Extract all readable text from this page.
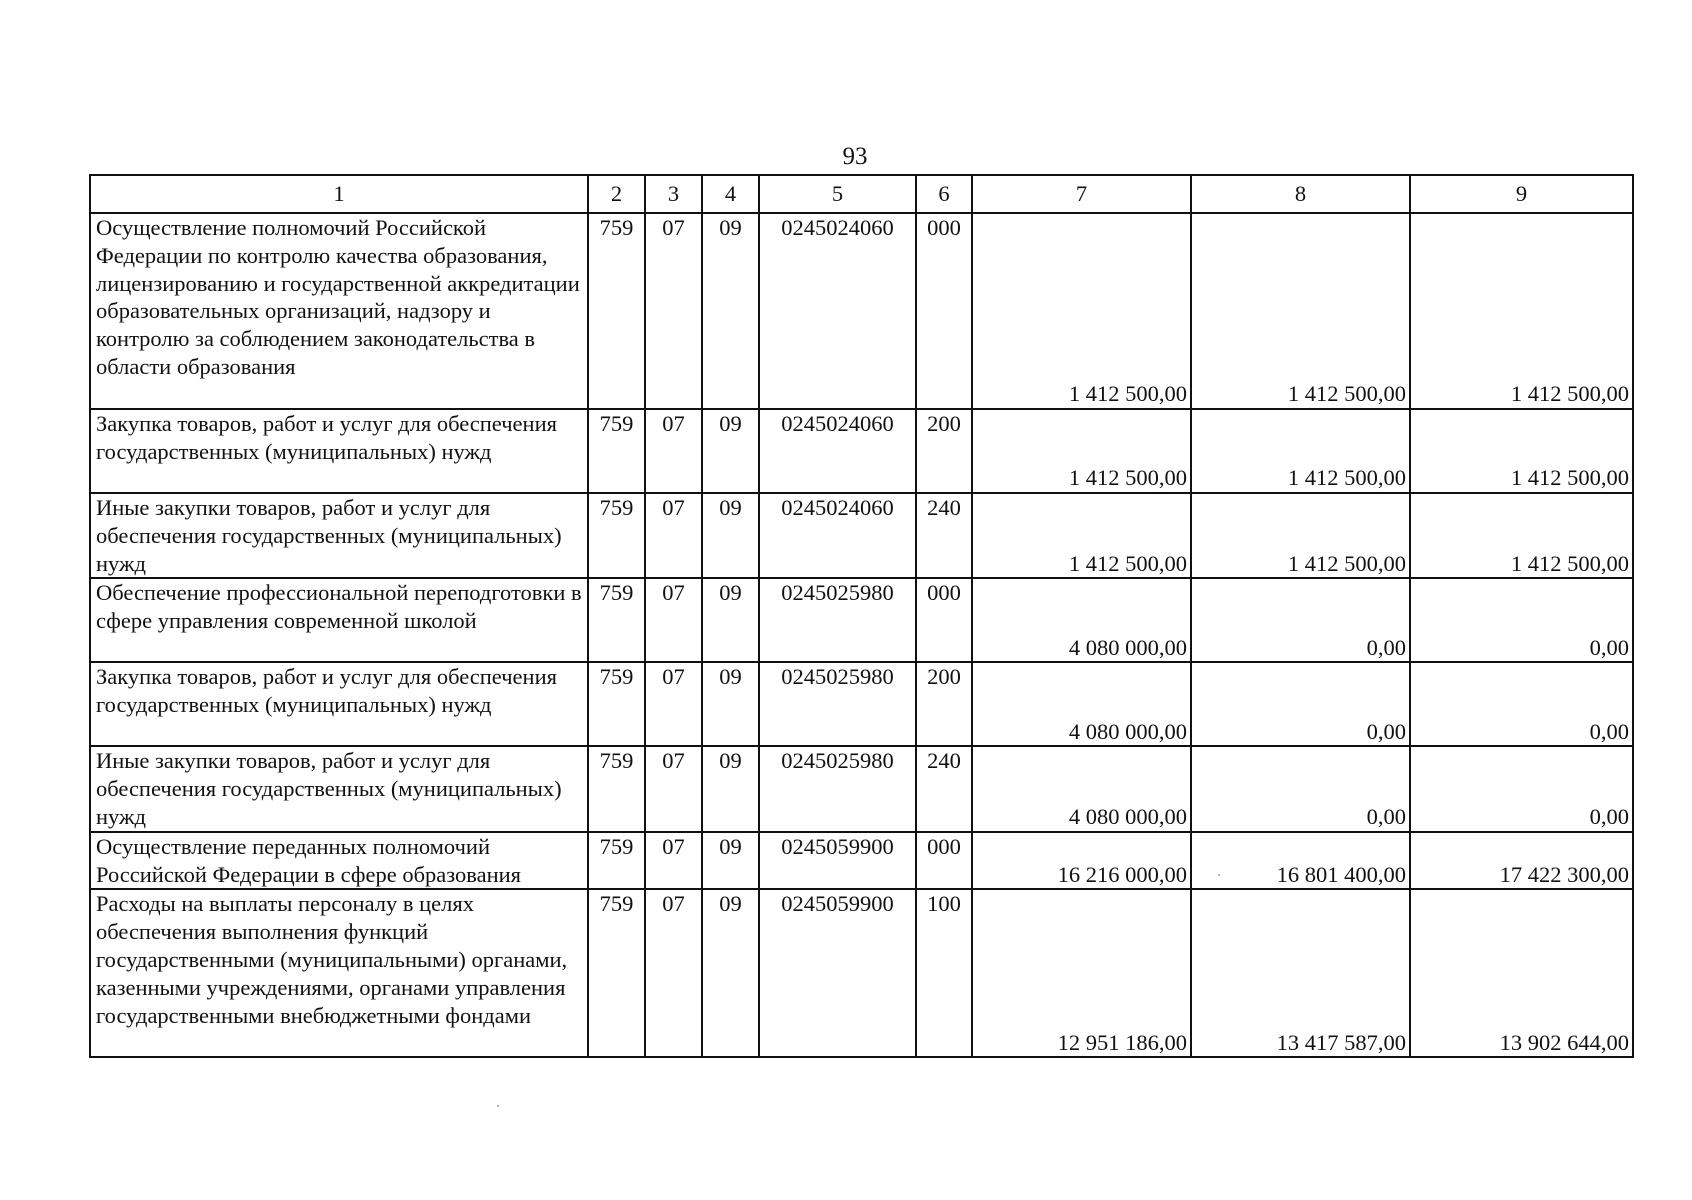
93
1	2	3	4	5	6	7	8	9
Осуществление полномочий Российской Федерации по контролю качества образования, лицензированию и государственной аккредитации образовательных организаций, надзору и контролю за соблюдением законодательства в области образования	759	07	09	0245024060	000	1 412 500,00	1 412 500,00	1 412 500,00
Закупка товаров, работ и услуг для обеспечения государственных (муниципальных) нужд	759	07	09	0245024060	200	1 412 500,00	1 412 500,00	1 412 500,00
Иные закупки товаров, работ и услуг для обеспечения государственных (муниципальных) нужд	759	07	09	0245024060	240	1 412 500,00	1 412 500,00	1 412 500,00
Обеспечение профессиональной переподготовки в сфере управления современной школой	759	07	09	0245025980	000	4 080 000,00	0,00	0,00
Закупка товаров, работ и услуг для обеспечения государственных (муниципальных) нужд	759	07	09	0245025980	200	4 080 000,00	0,00	0,00
Иные закупки товаров, работ и услуг для обеспечения государственных (муниципальных) нужд	759	07	09	0245025980	240	4 080 000,00	0,00	0,00
Осуществление переданных полномочий Российской Федерации в сфере образования	759	07	09	0245059900	000	16 216 000,00	16 801 400,00	17 422 300,00
Расходы на выплаты персоналу в целях обеспечения выполнения функций государственными (муниципальными) органами, казенными учреждениями, органами управления государственными внебюджетными фондами	759	07	09	0245059900	100	12 951 186,00	13 417 587,00	13 902 644,00
